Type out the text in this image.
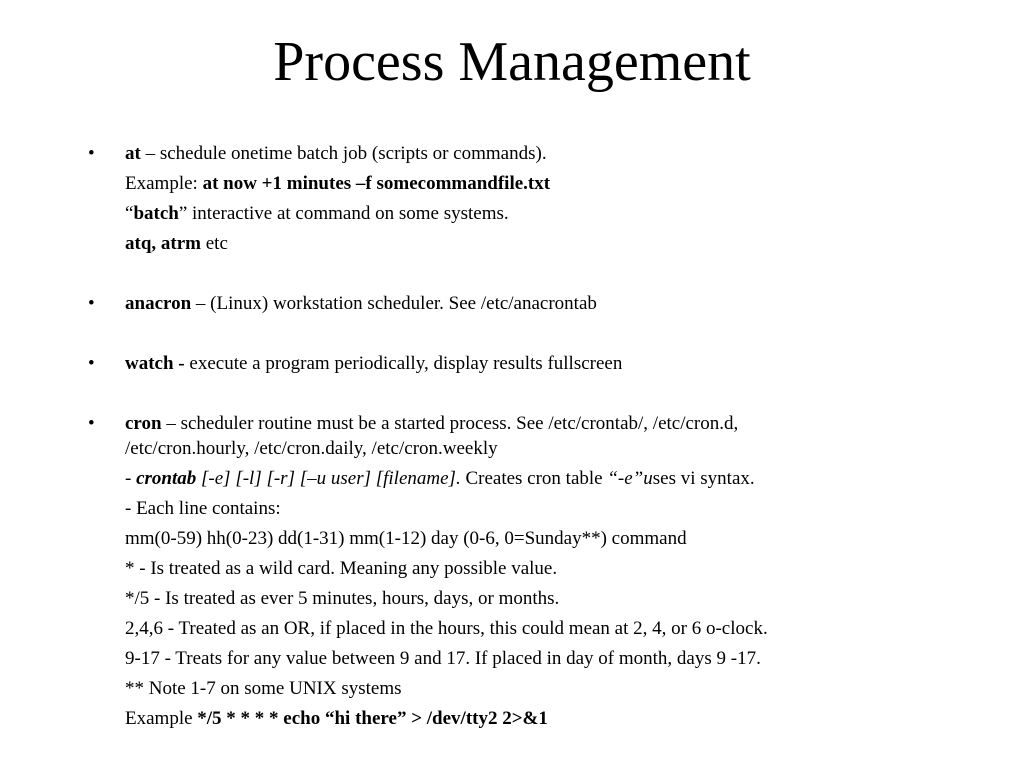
Process Management
• at – schedule onetime batch job (scripts or commands).
Example: at now +1 minutes –f somecommandfile.txt
“batch” interactive at command on some systems.
atq, atrm etc
• anacron – (Linux) workstation scheduler. See /etc/anacrontab
• watch - execute a program periodically, display results fullscreen
• cron – scheduler routine must be a started process. See /etc/crontab/, /etc/cron.d,
/etc/cron.hourly, /etc/cron.daily, /etc/cron.weekly
- crontab [-e] [-l] [-r] [–u user] [filename]. Creates cron table “-e”uses vi syntax.
- Each line contains:
mm(0-59) hh(0-23) dd(1-31) mm(1-12) day (0-6, 0=Sunday**) command
* - Is treated as a wild card. Meaning any possible value.
*/5 - Is treated as ever 5 minutes, hours, days, or months.
2,4,6 - Treated as an OR, if placed in the hours, this could mean at 2, 4, or 6 o-clock.
9-17 - Treats for any value between 9 and 17. If placed in day of month, days 9 -17.
** Note 1-7 on some UNIX systems
Example */5 * * * * echo “hi there” > /dev/tty2 2>&1
